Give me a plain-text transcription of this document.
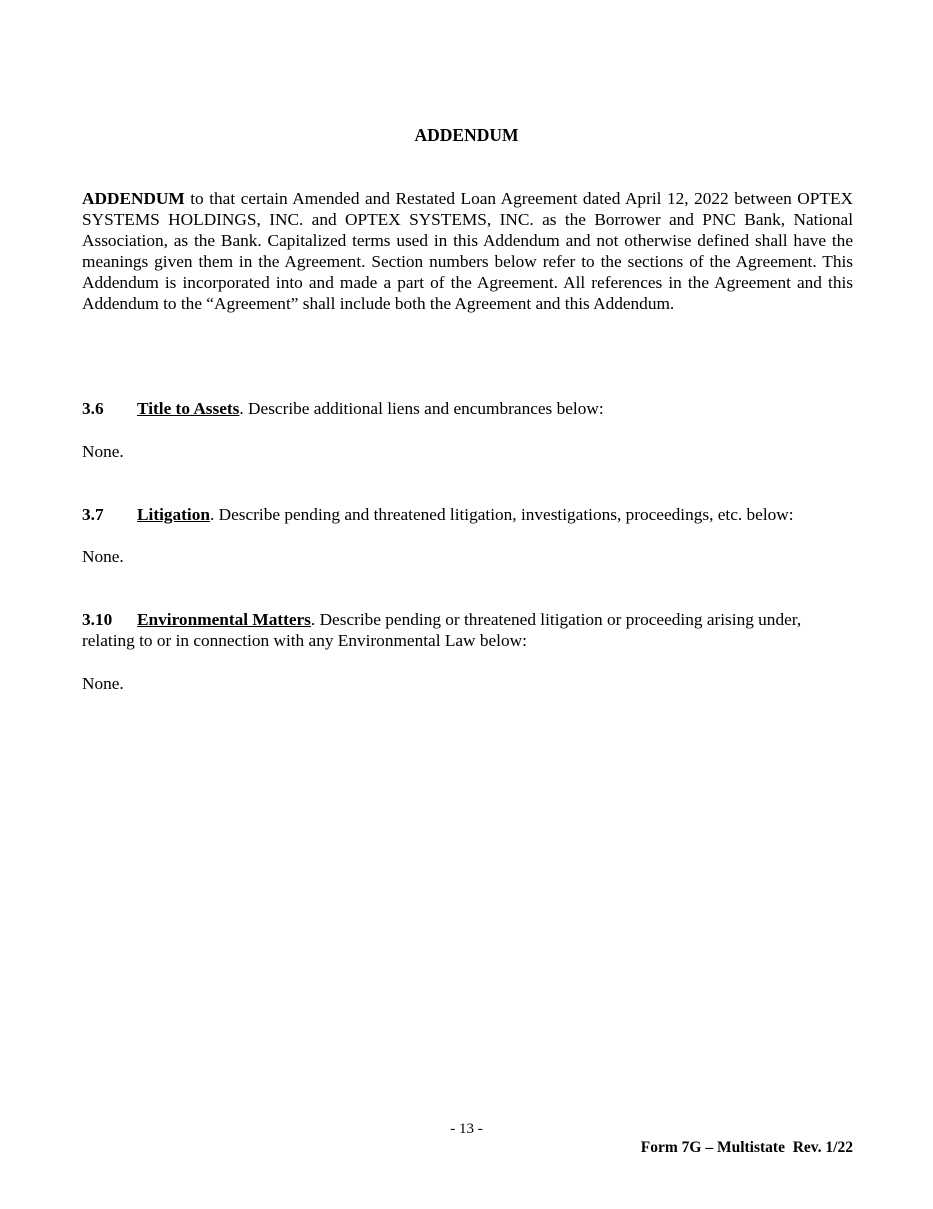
ADDENDUM

ADDENDUM to that certain Amended and Restated Loan Agreement dated April 12, 2022 between OPTEX SYSTEMS HOLDINGS, INC. and OPTEX SYSTEMS, INC. as the Borrower and PNC Bank, National Association, as the Bank. Capitalized terms used in this Addendum and not otherwise defined shall have the meanings given them in the Agreement. Section numbers below refer to the sections of the Agreement. This Addendum is incorporated into and made a part of the Agreement. All references in the Agreement and this Addendum to the “Agreement” shall include both the Agreement and this Addendum.

3.6 Title to Assets. Describe additional liens and encumbrances below:

None.

3.7 Litigation. Describe pending and threatened litigation, investigations, proceedings, etc. below:

None.

3.10 Environmental Matters. Describe pending or threatened litigation or proceeding arising under, relating to or in connection with any Environmental Law below:

None.

- 13 -
Form 7G – Multistate  Rev. 1/22
